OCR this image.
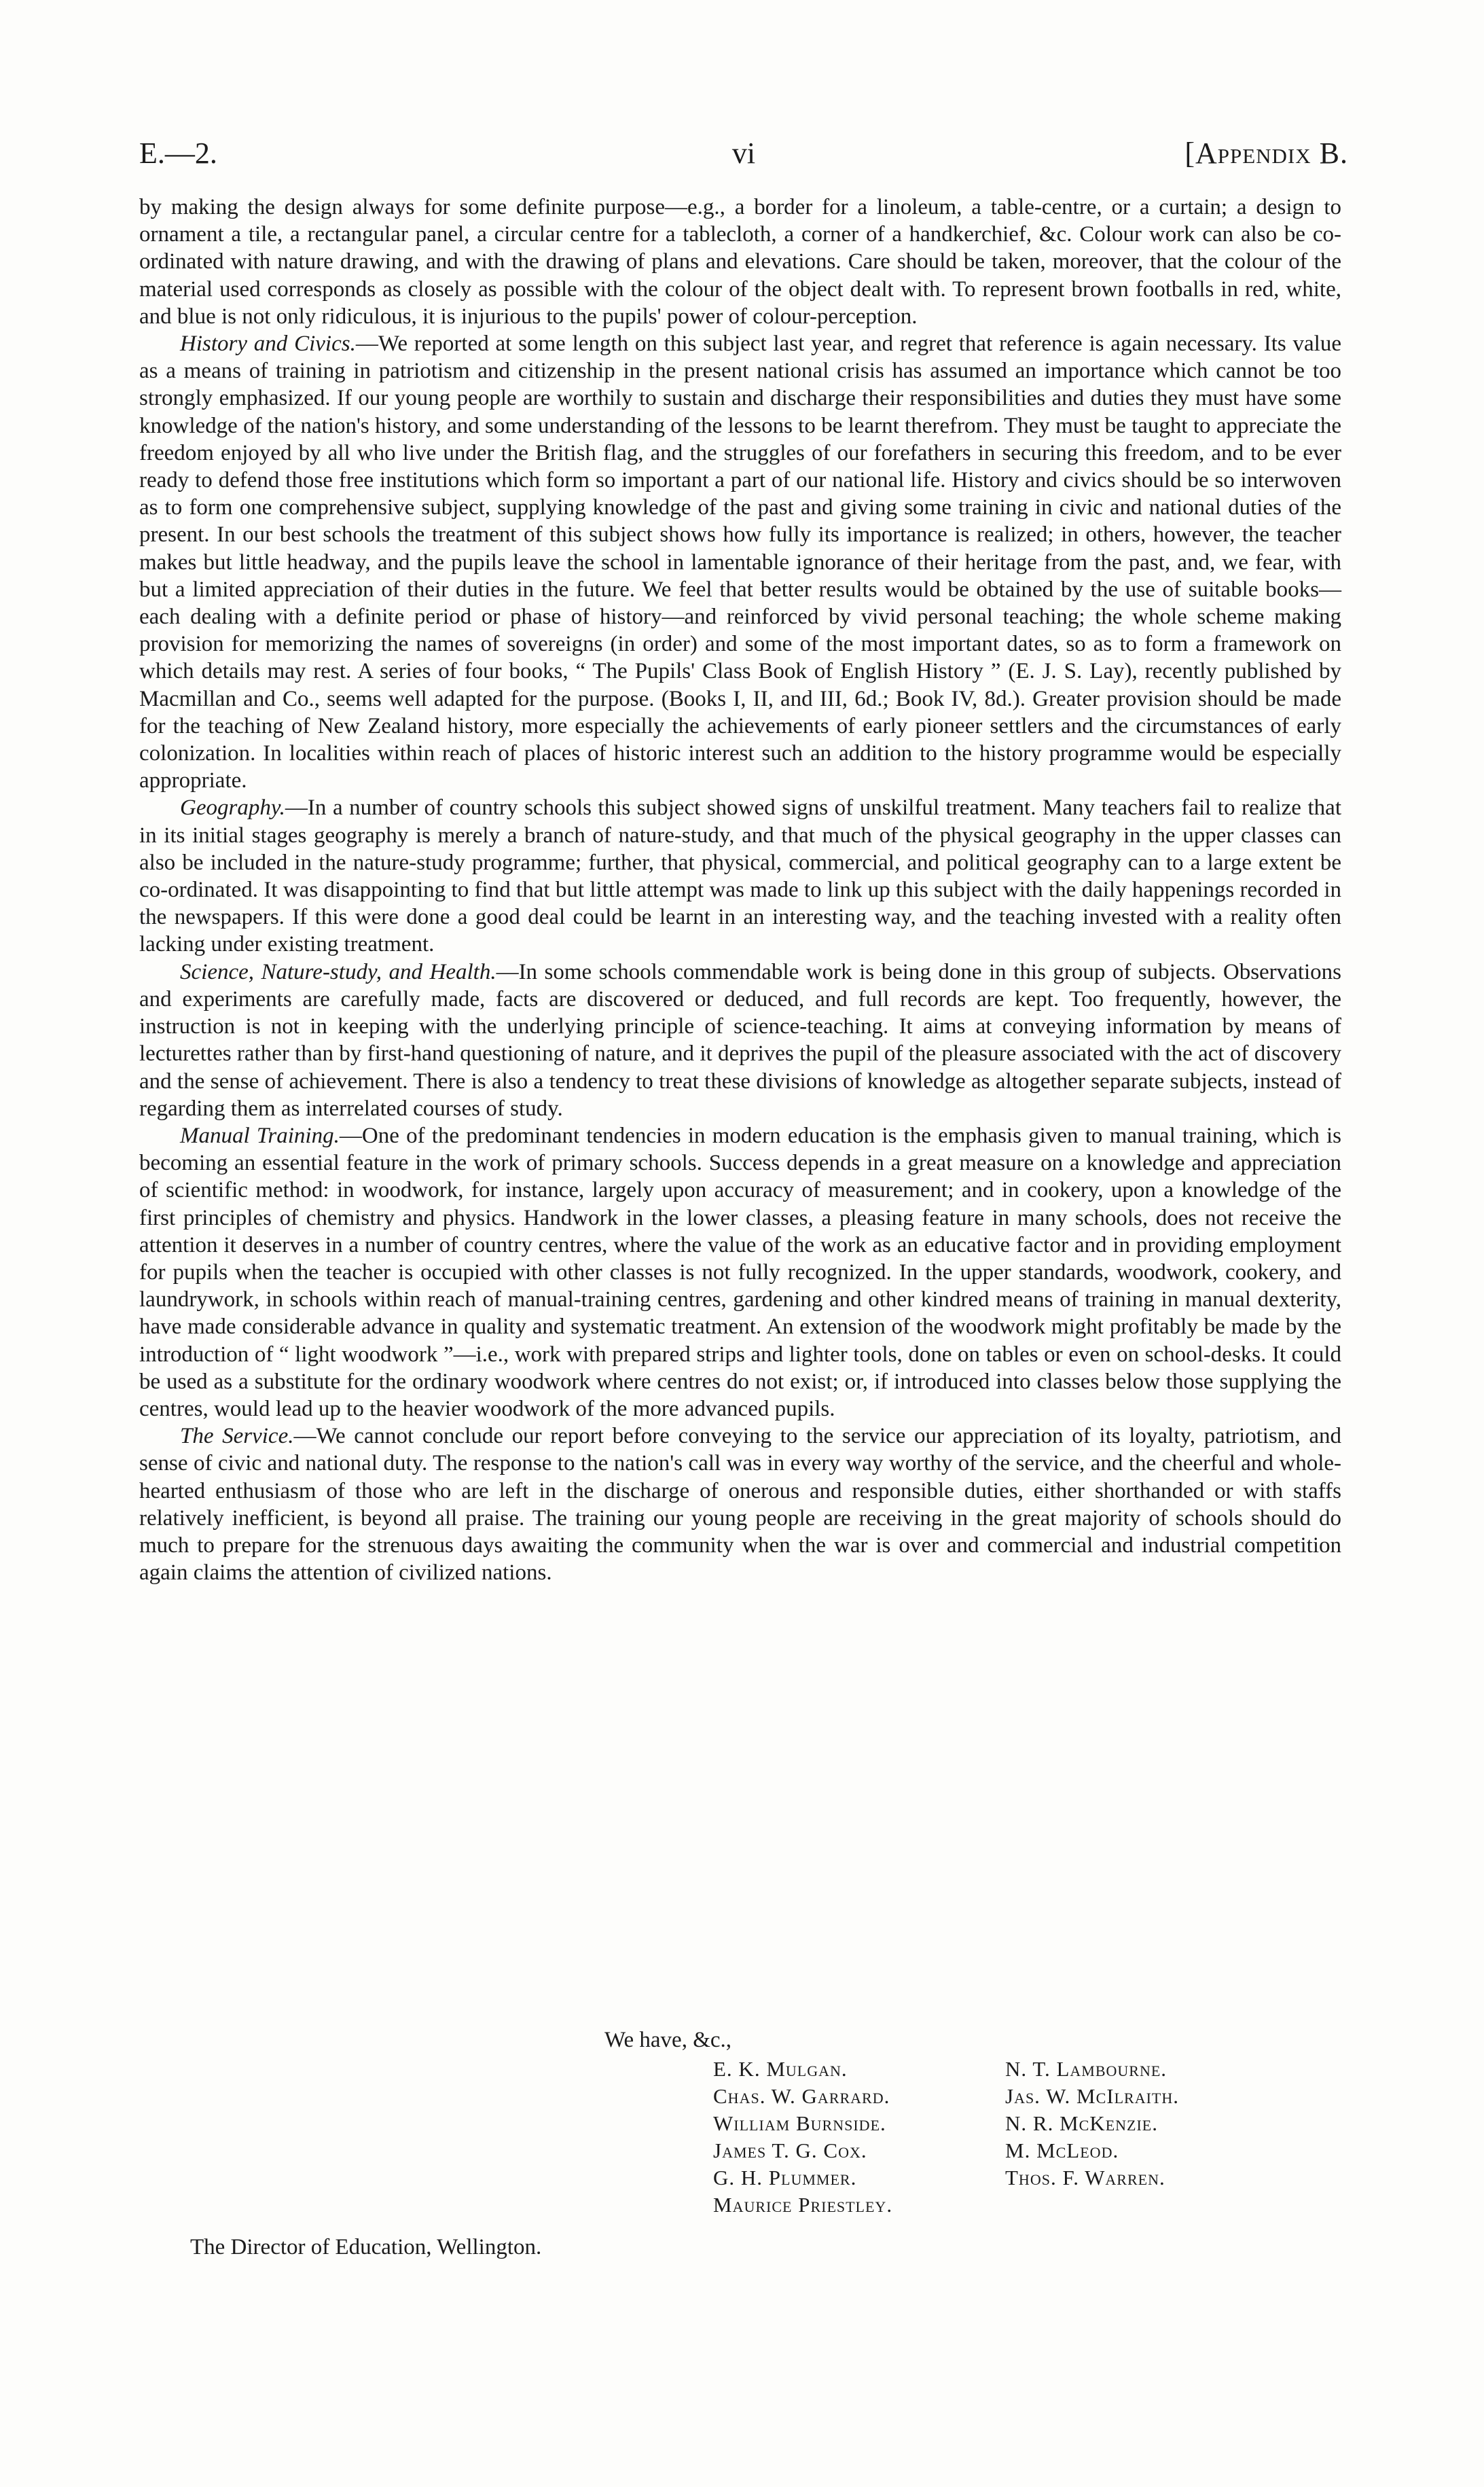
E.—2.	vi	[Appendix B.

by making the design always for some definite purpose—e.g., a border for a linoleum, a table-centre, or a curtain; a design to ornament a tile, a rectangular panel, a circular centre for a tablecloth, a corner of a handkerchief, &c. Colour work can also be co-ordinated with nature drawing, and with the drawing of plans and elevations. Care should be taken, moreover, that the colour of the material used corresponds as closely as possible with the colour of the object dealt with. To represent brown footballs in red, white, and blue is not only ridiculous, it is injurious to the pupils' power of colour-perception.

History and Civics.—We reported at some length on this subject last year, and regret that reference is again necessary. Its value as a means of training in patriotism and citizenship in the present national crisis has assumed an importance which cannot be too strongly emphasized. If our young people are worthily to sustain and discharge their responsibilities and duties they must have some knowledge of the nation's history, and some understanding of the lessons to be learnt therefrom. They must be taught to appreciate the freedom enjoyed by all who live under the British flag, and the struggles of our forefathers in securing this freedom, and to be ever ready to defend those free institutions which form so important a part of our national life. History and civics should be so interwoven as to form one comprehensive subject, supplying knowledge of the past and giving some training in civic and national duties of the present. In our best schools the treatment of this subject shows how fully its importance is realized; in others, however, the teacher makes but little headway, and the pupils leave the school in lamentable ignorance of their heritage from the past, and, we fear, with but a limited appreciation of their duties in the future. We feel that better results would be obtained by the use of suitable books—each dealing with a definite period or phase of history—and reinforced by vivid personal teaching; the whole scheme making provision for memorizing the names of sovereigns (in order) and some of the most important dates, so as to form a framework on which details may rest. A series of four books, “ The Pupils' Class Book of English History ” (E. J. S. Lay), recently published by Macmillan and Co., seems well adapted for the purpose. (Books I, II, and III, 6d.; Book IV, 8d.). Greater provision should be made for the teaching of New Zealand history, more especially the achievements of early pioneer settlers and the circumstances of early colonization. In localities within reach of places of historic interest such an addition to the history programme would be especially appropriate.

Geography.—In a number of country schools this subject showed signs of unskilful treatment. Many teachers fail to realize that in its initial stages geography is merely a branch of nature-study, and that much of the physical geography in the upper classes can also be included in the nature-study programme; further, that physical, commercial, and political geography can to a large extent be co-ordinated. It was disappointing to find that but little attempt was made to link up this subject with the daily happenings recorded in the newspapers. If this were done a good deal could be learnt in an interesting way, and the teaching invested with a reality often lacking under existing treatment.

Science, Nature-study, and Health.—In some schools commendable work is being done in this group of subjects. Observations and experiments are carefully made, facts are discovered or deduced, and full records are kept. Too frequently, however, the instruction is not in keeping with the underlying principle of science-teaching. It aims at conveying information by means of lecturettes rather than by first-hand questioning of nature, and it deprives the pupil of the pleasure associated with the act of discovery and the sense of achievement. There is also a tendency to treat these divisions of knowledge as altogether separate subjects, instead of regarding them as interrelated courses of study.

Manual Training.—One of the predominant tendencies in modern education is the emphasis given to manual training, which is becoming an essential feature in the work of primary schools. Success depends in a great measure on a knowledge and appreciation of scientific method: in woodwork, for instance, largely upon accuracy of measurement; and in cookery, upon a knowledge of the first principles of chemistry and physics. Handwork in the lower classes, a pleasing feature in many schools, does not receive the attention it deserves in a number of country centres, where the value of the work as an educative factor and in providing employment for pupils when the teacher is occupied with other classes is not fully recognized. In the upper standards, woodwork, cookery, and laundrywork, in schools within reach of manual-training centres, gardening and other kindred means of training in manual dexterity, have made considerable advance in quality and systematic treatment. An extension of the woodwork might profitably be made by the introduction of “ light woodwork ”—i.e., work with prepared strips and lighter tools, done on tables or even on school-desks. It could be used as a substitute for the ordinary woodwork where centres do not exist; or, if introduced into classes below those supplying the centres, would lead up to the heavier woodwork of the more advanced pupils.

The Service.—We cannot conclude our report before conveying to the service our appreciation of its loyalty, patriotism, and sense of civic and national duty. The response to the nation's call was in every way worthy of the service, and the cheerful and whole-hearted enthusiasm of those who are left in the discharge of onerous and responsible duties, either shorthanded or with staffs relatively inefficient, is beyond all praise. The training our young people are receiving in the great majority of schools should do much to prepare for the strenuous days awaiting the community when the war is over and commercial and industrial competition again claims the attention of civilized nations.

We have, &c.,
E. K. Mulgan.
Chas. W. Garrard.
William Burnside.
James T. G. Cox.
G. H. Plummer.
Maurice Priestley.
N. T. Lambourne.
Jas. W. McIlraith.
N. R. McKenzie.
M. McLeod.
Thos. F. Warren.
The Director of Education, Wellington.
